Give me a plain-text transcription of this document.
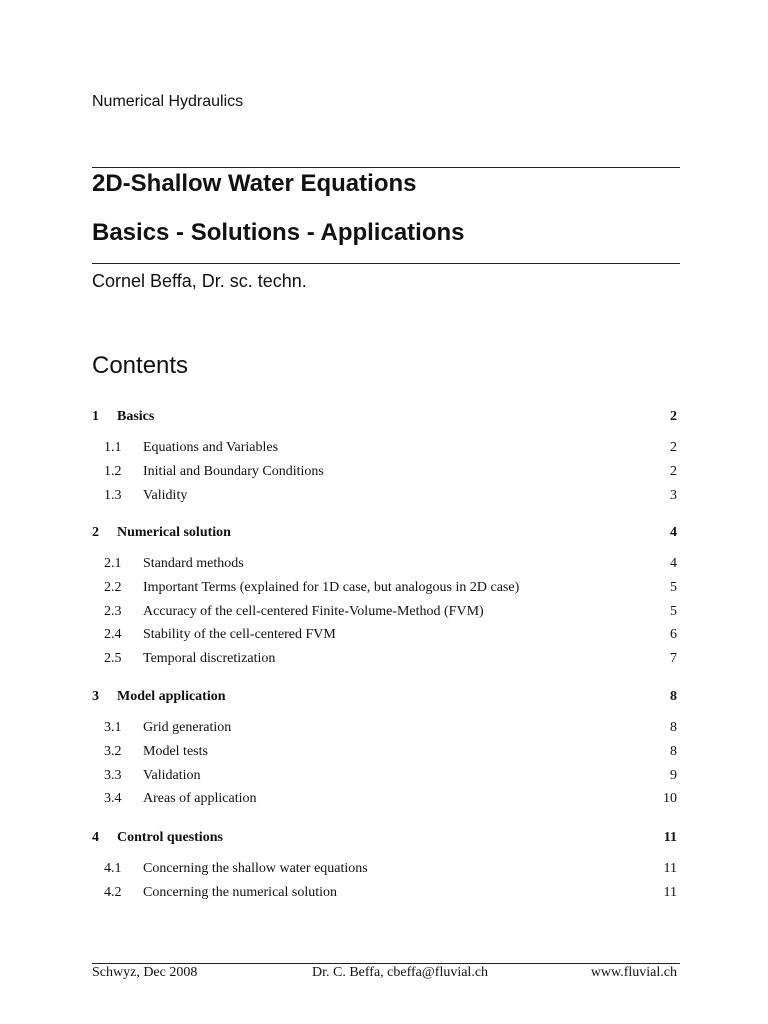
Numerical Hydraulics
2D-Shallow Water Equations
Basics - Solutions - Applications
Cornel Beffa, Dr. sc. techn.
Contents
1 Basics	2
1.1 Equations and Variables	2
1.2 Initial and Boundary Conditions	2
1.3 Validity	3
2 Numerical solution	4
2.1 Standard methods	4
2.2 Important Terms (explained for 1D case, but analogous in 2D case)	5
2.3 Accuracy of the cell-centered Finite-Volume-Method (FVM)	5
2.4 Stability of the cell-centered FVM	6
2.5 Temporal discretization	7
3 Model application	8
3.1 Grid generation	8
3.2 Model tests	8
3.3 Validation	9
3.4 Areas of application	10
4 Control questions	11
4.1 Concerning the shallow water equations	11
4.2 Concerning the numerical solution	11
Schwyz, Dec 2008	Dr. C. Beffa, cbeffa@fluvial.ch	www.fluvial.ch
